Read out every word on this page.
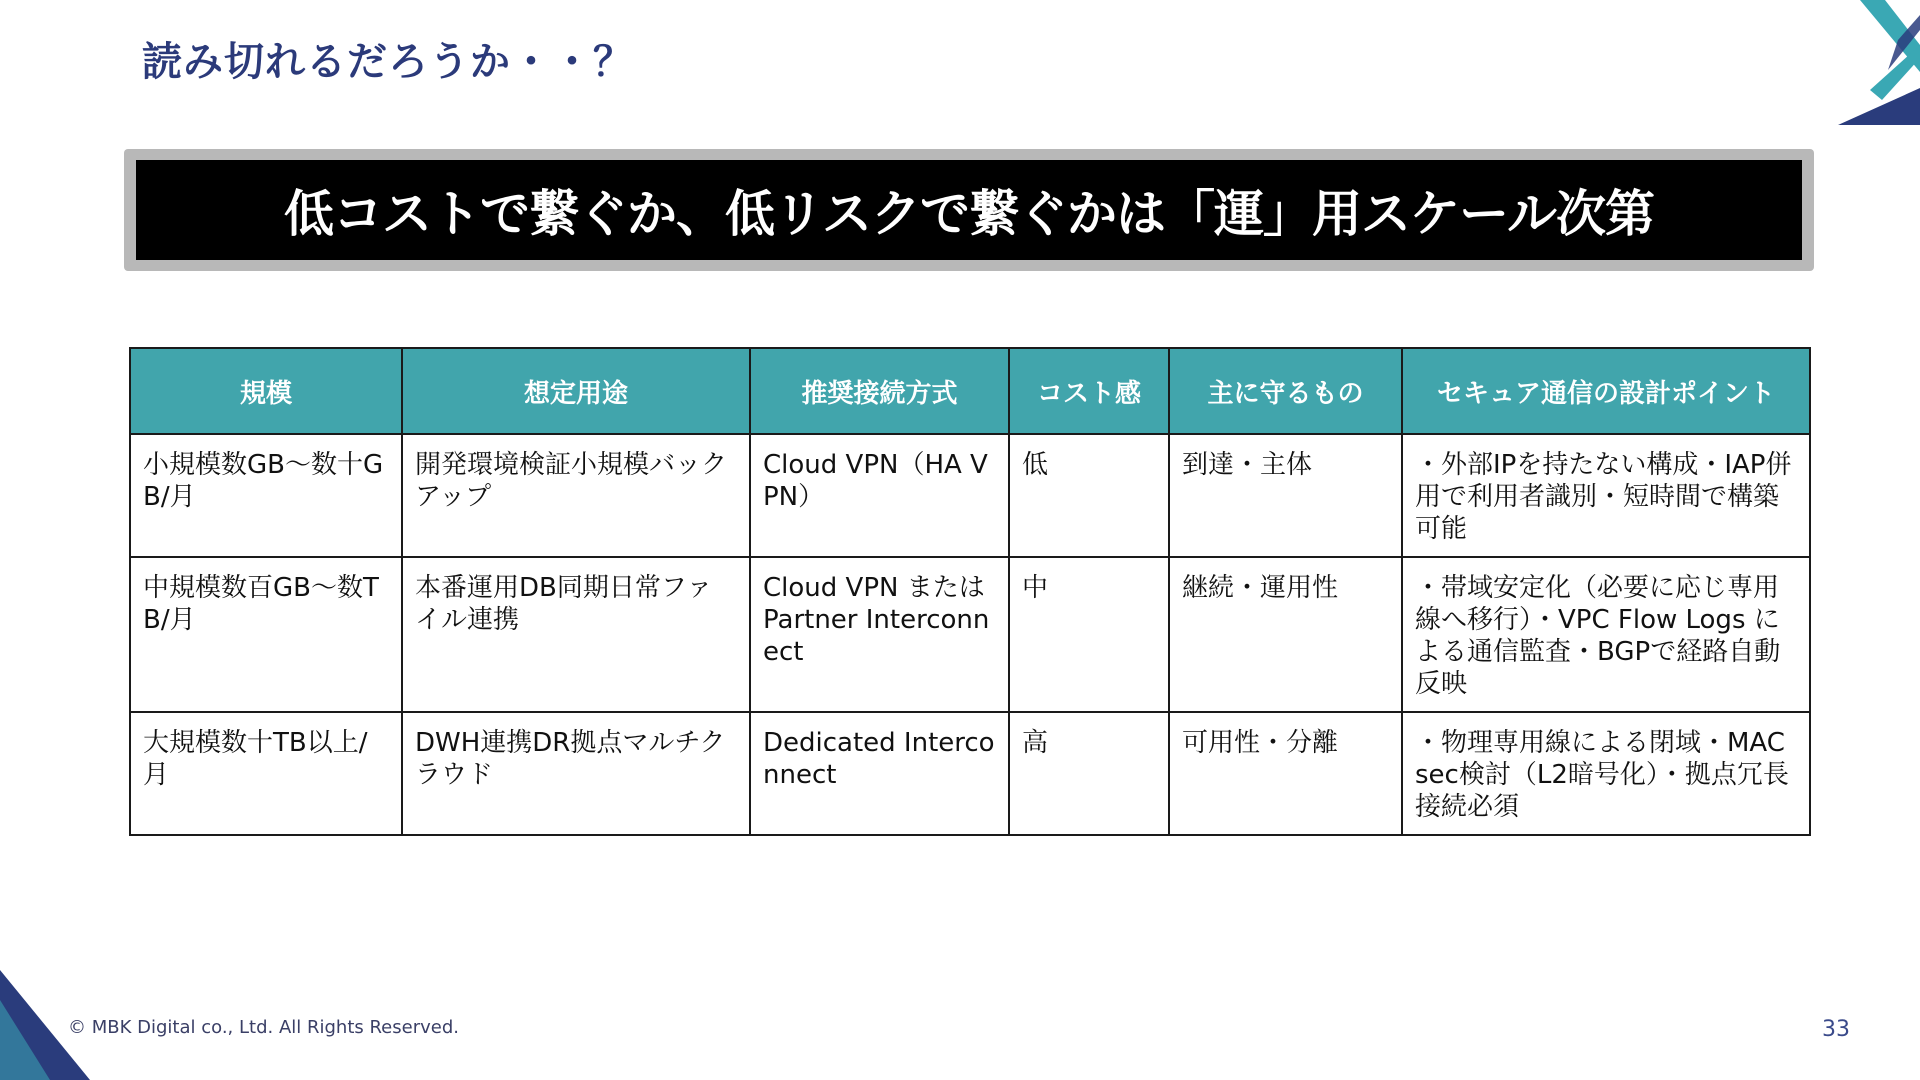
読み切れるだろうか・・？
低コストで繋ぐか、低リスクで繋ぐかは「運」用スケール次第
規模	想定用途	推奨接続方式	コスト感	主に守るもの	セキュア通信の設計ポイント
小規模数GB～数十GB/月	開発環境検証小規模バックアップ	Cloud VPN（HA VPN）	低	到達・主体	・外部IPを持たない構成・IAP併用で利用者識別・短時間で構築可能
中規模数百GB～数TB/月	本番運用DB同期日常ファイル連携	Cloud VPN または Partner Interconnect	中	継続・運用性	・帯域安定化（必要に応じ専用線へ移行）・VPC Flow Logs による通信監査・BGPで経路自動反映
大規模数十TB以上/月	DWH連携DR拠点マルチクラウド	Dedicated Interconnect	高	可用性・分離	・物理専用線による閉域・MACsec検討（L2暗号化）・拠点冗長接続必須
© MBK Digital co., Ltd. All Rights Reserved.	33
